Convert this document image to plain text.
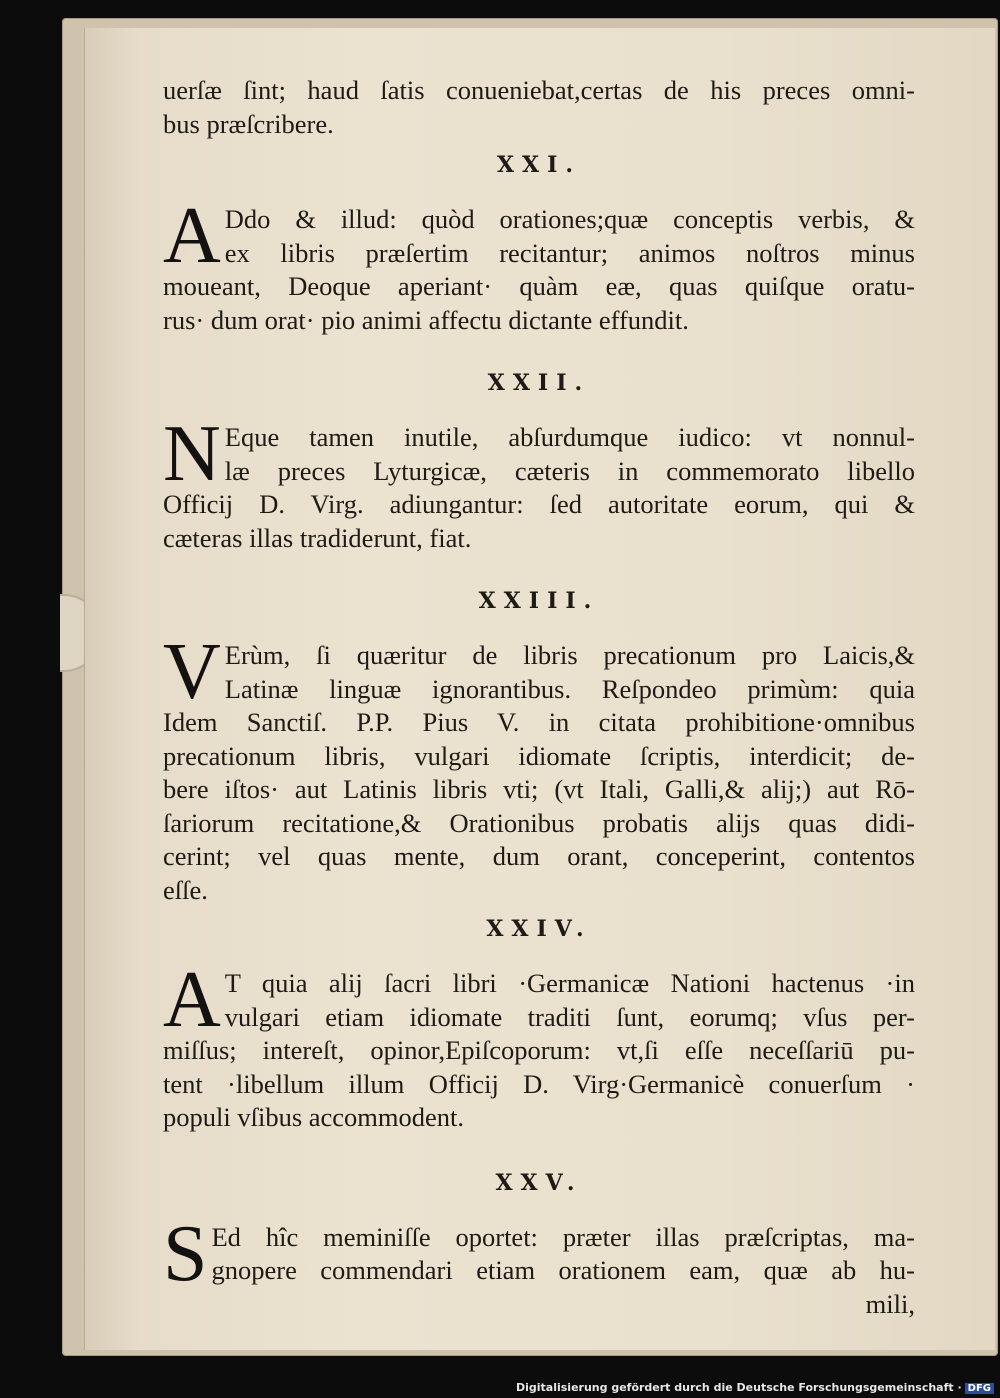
uerſæ ſint; haud ſatis conueniebat,certas de his preces omni-
bus præſcribere.
XXI.
A Ddo & illud: quòd orationes;quæ conceptis verbis, &
ex libris præſertim recitantur; animos noſtros minus
moueant, Deoque aperiant· quàm eæ, quas quiſque oratu-
rus· dum orat· pio animi affectu dictante effundit.
XXII.
N Eque tamen inutile, abſurdumque iudico: vt nonnul-
læ preces Lyturgicæ, cæteris in commemorato libello
Officij D. Virg. adiungantur: ſed autoritate eorum, qui &
cæteras illas tradiderunt, fiat.
XXIII.
V Erùm, ſi quæritur de libris precationum pro Laicis,&
Latinæ linguæ ignorantibus. Reſpondeo primùm: quia
Idem Sanctiſ. P.P. Pius V. in citata prohibitione·omnibus
precationum libris, vulgari idiomate ſcriptis, interdicit; de-
bere iſtos· aut Latinis libris vti; (vt Itali, Galli,& alij;) aut Rō-
ſariorum recitatione,& Orationibus probatis alijs quas didi-
cerint; vel quas mente, dum orant, conceperint, contentos
eſſe.
XXIV.
A T quia alij ſacri libri ·Germanicæ Nationi hactenus ·in
vulgari etiam idiomate traditi ſunt, eorumq; vſus per-
miſſus; intereſt, opinor,Epiſcoporum: vt,ſi eſſe neceſſariū pu-
tent ·libellum illum Officij D. Virg·Germanicè conuerſum ·
populi vſibus accommodent.
XXV.
S Ed hîc meminiſſe oportet: præter illas præſcriptas, ma-
gnopere commendari etiam orationem eam, quæ ab hu-
mili,
Digitalisierung gefördert durch die Deutsche Forschungsgemeinschaft · DFG
